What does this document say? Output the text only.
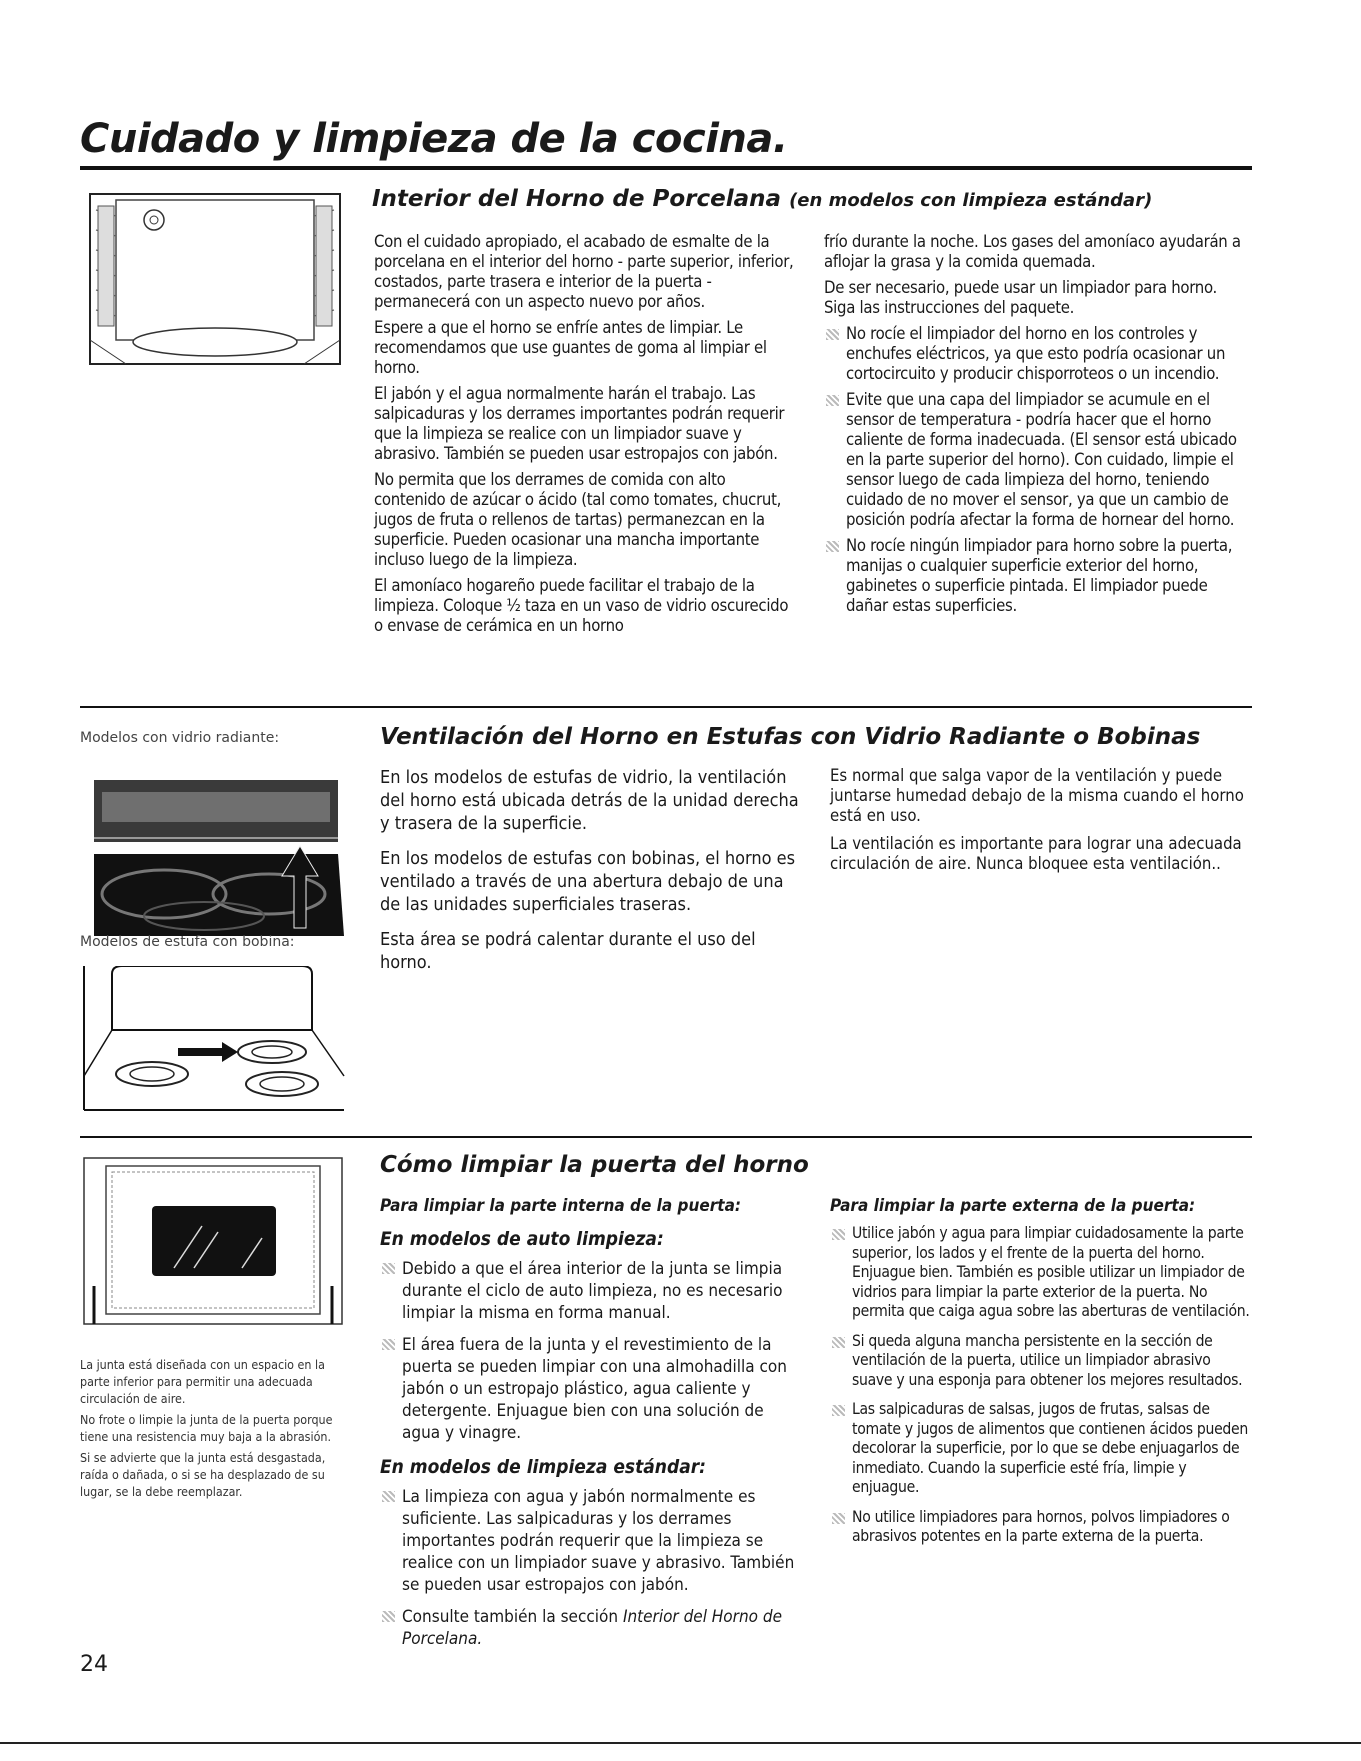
Cuidado y limpieza de la cocina.
Interior del Horno de Porcelana (en modelos con limpieza estándar)

Con el cuidado apropiado, el acabado de esmalte de la porcelana en el interior del horno - parte superior, inferior, costados, parte trasera e interior de la puerta - permanecerá con un aspecto nuevo por años.

Espere a que el horno se enfríe antes de limpiar. Le recomendamos que use guantes de goma al limpiar el horno.

El jabón y el agua normalmente harán el trabajo. Las salpicaduras y los derrames importantes podrán requerir que la limpieza se realice con un limpiador suave y abrasivo. También se pueden usar estropajos con jabón.

No permita que los derrames de comida con alto contenido de azúcar o ácido (tal como tomates, chucrut, jugos de fruta o rellenos de tartas) permanezcan en la superficie. Pueden ocasionar una mancha importante incluso luego de la limpieza.

El amoníaco hogareño puede facilitar el trabajo de la limpieza. Coloque ½ taza en un vaso de vidrio oscurecido o envase de cerámica en un horno

frío durante la noche. Los gases del amoníaco ayudarán a aflojar la grasa y la comida quemada.

De ser necesario, puede usar un limpiador para horno. Siga las instrucciones del paquete.

No rocíe el limpiador del horno en los controles y enchufes eléctricos, ya que esto podría ocasionar un cortocircuito y producir chisporroteos o un incendio.

Evite que una capa del limpiador se acumule en el sensor de temperatura - podría hacer que el horno caliente de forma inadecuada. (El sensor está ubicado en la parte superior del horno). Con cuidado, limpie el sensor luego de cada limpieza del horno, teniendo cuidado de no mover el sensor, ya que un cambio de posición podría afectar la forma de hornear del horno.

No rocíe ningún limpiador para horno sobre la puerta, manijas o cualquier superficie exterior del horno, gabinetes o superficie pintada. El limpiador puede dañar estas superficies.

Modelos con vidrio radiante:
Modelos de estufa con bobina:
Ventilación del Horno en Estufas con Vidrio Radiante o Bobinas

En los modelos de estufas de vidrio, la ventilación del horno está ubicada detrás de la unidad derecha y trasera de la superficie.

En los modelos de estufas con bobinas, el horno es ventilado a través de una abertura debajo de una de las unidades superficiales traseras.

Esta área se podrá calentar durante el uso del horno.

Es normal que salga vapor de la ventilación y puede juntarse humedad debajo de la misma cuando el horno está en uso.

La ventilación es importante para lograr una adecuada circulación de aire. Nunca bloquee esta ventilación..

La junta está diseñada con un espacio en la parte inferior para permitir una adecuada circulación de aire.

No frote o limpie la junta de la puerta porque tiene una resistencia muy baja a la abrasión.

Si se advierte que la junta está desgastada, raída o dañada, o si se ha desplazado de su lugar, se la debe reemplazar.

24
Cómo limpiar la puerta del horno
Para limpiar la parte interna de la puerta:
En modelos de auto limpieza:

Debido a que el área interior de la junta se limpia durante el ciclo de auto limpieza, no es necesario limpiar la misma en forma manual.

El área fuera de la junta y el revestimiento de la puerta se pueden limpiar con una almohadilla con jabón o un estropajo plástico, agua caliente y detergente. Enjuague bien con una solución de agua y vinagre.

En modelos de limpieza estándar:

La limpieza con agua y jabón normalmente es suficiente. Las salpicaduras y los derrames importantes podrán requerir que la limpieza se realice con un limpiador suave y abrasivo. También se pueden usar estropajos con jabón.

Consulte también la sección Interior del Horno de Porcelana.

Para limpiar la parte externa de la puerta:

Utilice jabón y agua para limpiar cuidadosamente la parte superior, los lados y el frente de la puerta del horno. Enjuague bien. También es posible utilizar un limpiador de vidrios para limpiar la parte exterior de la puerta. No permita que caiga agua sobre las aberturas de ventilación.

Si queda alguna mancha persistente en la sección de ventilación de la puerta, utilice un limpiador abrasivo suave y una esponja para obtener los mejores resultados.

Las salpicaduras de salsas, jugos de frutas, salsas de tomate y jugos de alimentos que contienen ácidos pueden decolorar la superficie, por lo que se debe enjuagarlos de inmediato. Cuando la superficie esté fría, limpie y enjuague.

No utilice limpiadores para hornos, polvos limpiadores o abrasivos potentes en la parte externa de la puerta.
